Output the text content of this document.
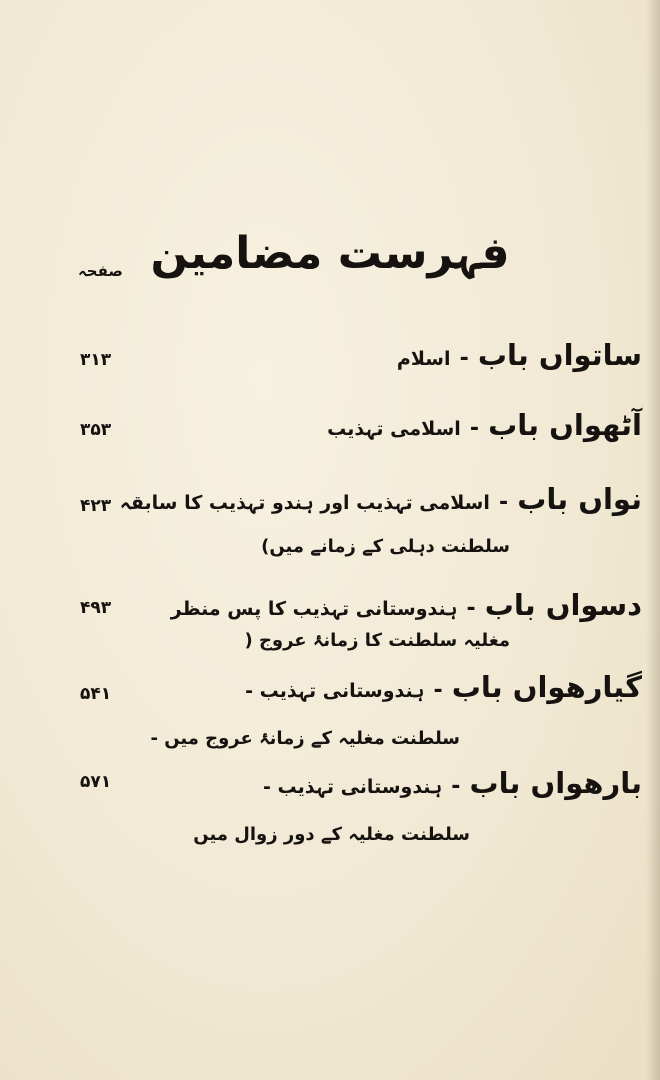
فہرست مضامین
صفحہ
ساتواں باب - اسلام
۳۱۳
آٹھواں باب - اسلامی تہذیب
۳۵۳
نواں باب - اسلامی تہذیب اور ہندو تہذیب کا سابقہ
سلطنت دہلی کے زمانے میں)
۴۲۳
دسواں باب - ہندوستانی تہذیب کا پس منظر
مغلیہ سلطنت کا زمانۂ عروج (
۴۹۳
گیارھواں باب - ہندوستانی تہذیب -
سلطنت مغلیہ کے زمانۂ عروج میں -
۵۴۱
بارھواں باب - ہندوستانی تہذیب -
سلطنت مغلیہ کے دور زوال میں
۵۷۱
